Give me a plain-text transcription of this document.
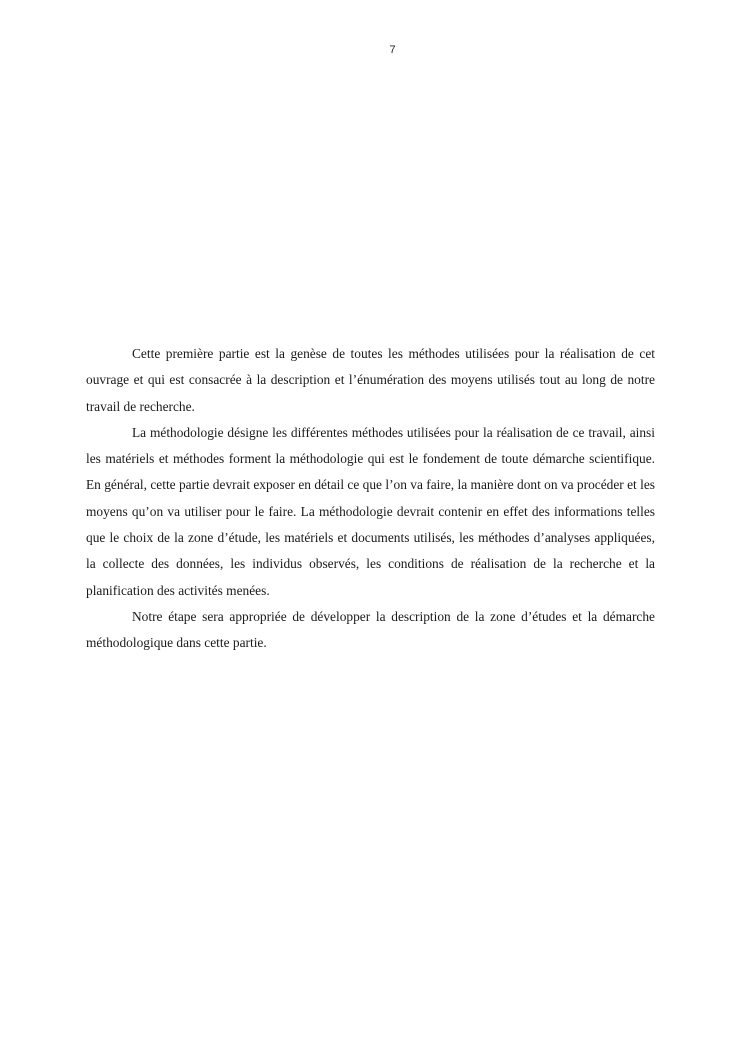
7

Cette première partie est la genèse de toutes les méthodes utilisées pour la réalisation de cet ouvrage et qui est consacrée à la description et l’énumération des moyens utilisés tout au long de notre travail de recherche.

La méthodologie désigne les différentes méthodes utilisées pour la réalisation de ce travail, ainsi les matériels et méthodes forment la méthodologie qui est le fondement de toute démarche scientifique. En général, cette partie devrait exposer en détail ce que l’on va faire, la manière dont on va procéder et les moyens qu’on va utiliser pour le faire. La méthodologie devrait contenir en effet des informations telles que le choix de la zone d’étude, les matériels et documents utilisés, les méthodes d’analyses appliquées, la collecte des données, les individus observés, les conditions de réalisation de la recherche et la planification des activités menées.

Notre étape sera appropriée de développer la description de la zone d’études et la démarche méthodologique dans cette partie.
